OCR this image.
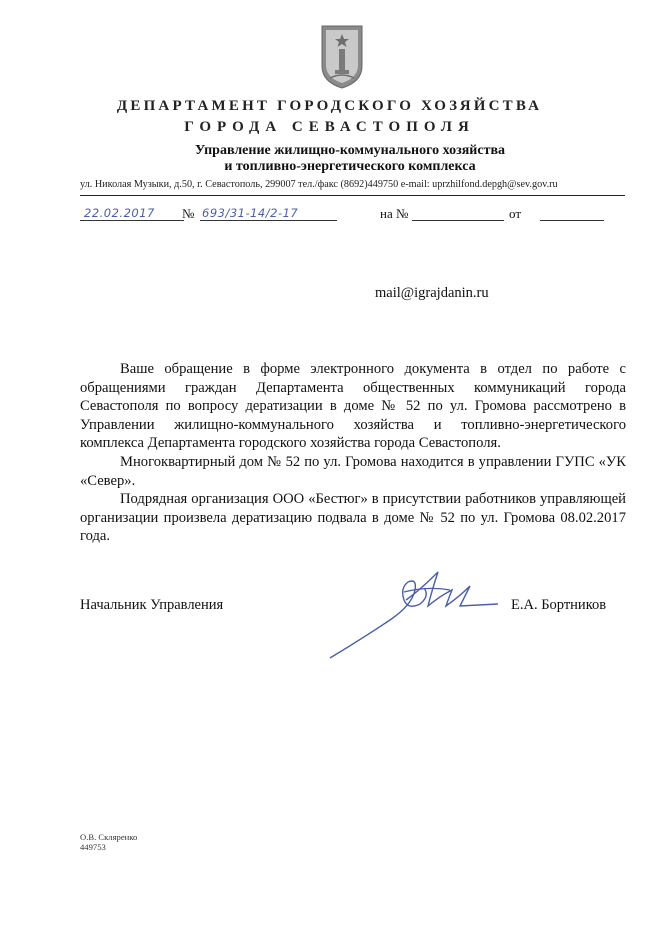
ДЕПАРТАМЕНТ ГОРОДСКОГО ХОЗЯЙСТВА
ГОРОДА СЕВАСТОПОЛЯ
Управление жилищно-коммунального хозяйства
и топливно-энергетического комплекса
ул. Николая Музыки, д.50, г. Севастополь, 299007 тел./факс (8692)449750 e-mail: uprzhilfond.depgh@sev.gov.ru
22.02.2017	№ 693/31-14/2-17	на №	от
mail@igrajdanin.ru

Ваше обращение в форме электронного документа в отдел по работе с обращениями граждан Департамента общественных коммуникаций города Севастополя по вопросу дератизации в доме № 52 по ул. Громова рассмотрено в Управлении жилищно-коммунального хозяйства и топливно-энергетического комплекса Департамента городского хозяйства города Севастополя.

Многоквартирный дом № 52 по ул. Громова находится в управлении ГУПС «УК «Север».

Подрядная организация ООО «Бестюг» в присутствии работников управляющей организации произвела дератизацию подвала в доме № 52 по ул. Громова 08.02.2017 года.

Начальник Управления	Е.А. Бортников
О.В. Скляренко
449753
